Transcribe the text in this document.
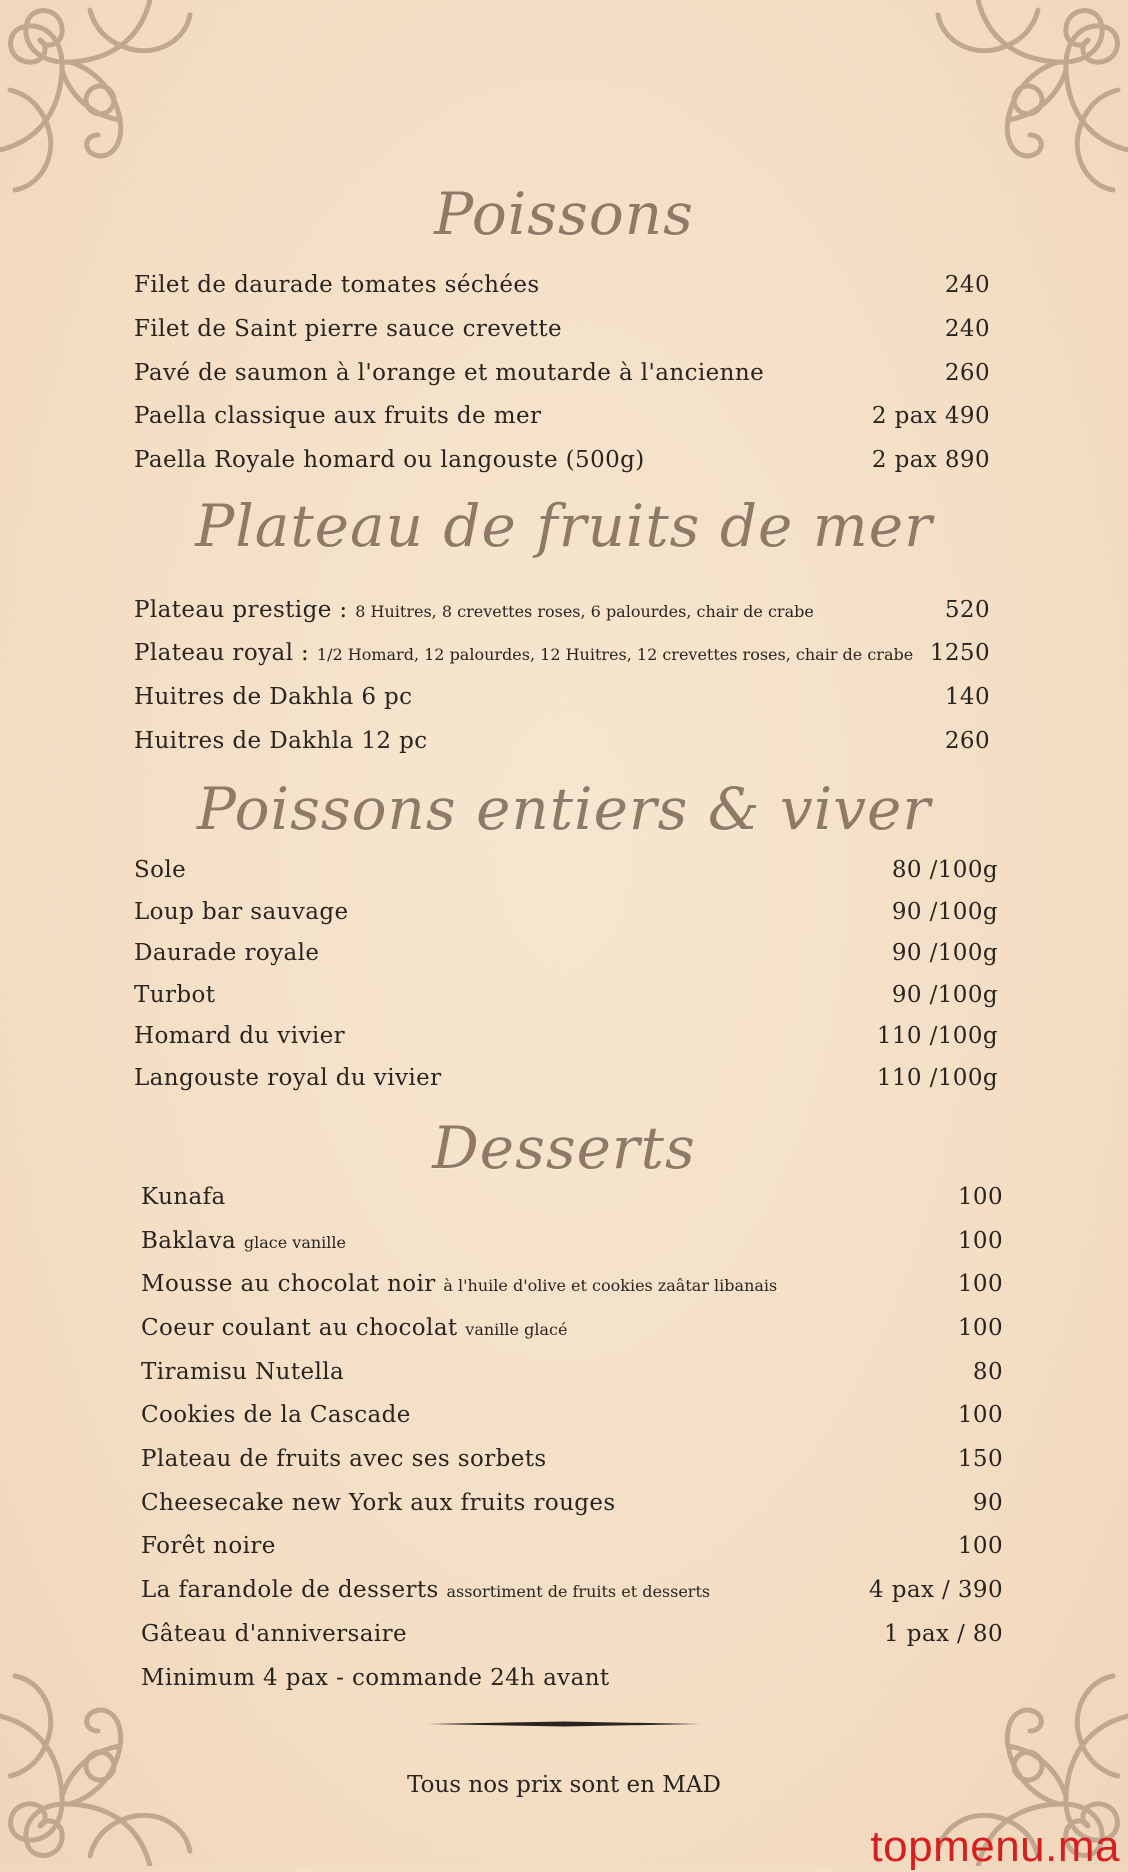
Poissons
Filet de daurade tomates séchées	240
Filet de Saint pierre sauce crevette	240
Pavé de saumon à l'orange et moutarde à l'ancienne	260
Paella classique aux fruits de mer	2 pax 490
Paella Royale homard ou langouste (500g)	2 pax 890
Plateau de fruits de mer
Plateau prestige : 8 Huitres, 8 crevettes roses, 6 palourdes, chair de crabe	520
Plateau royal : 1/2 Homard, 12 palourdes, 12 Huitres, 12 crevettes roses, chair de crabe 1250
Huitres de Dakhla 6 pc	140
Huitres de Dakhla 12 pc	260
Poissons entiers & viver
Sole	80 /100g
Loup bar sauvage	90 /100g
Daurade royale	90 /100g
Turbot	90 /100g
Homard du vivier	110 /100g
Langouste royal du vivier	110 /100g
Desserts
Kunafa	100
Baklava glace vanille	100
Mousse au chocolat noir à l'huile d'olive et cookies zaâtar libanais	100
Coeur coulant au chocolat vanille glacé	100
Tiramisu Nutella	80
Cookies de la Cascade	100
Plateau de fruits avec ses sorbets	150
Cheesecake new York aux fruits rouges	90
Forêt noire	100
La farandole de desserts assortiment de fruits et desserts	4 pax / 390
Gâteau d'anniversaire	1 pax / 80
Minimum 4 pax - commande 24h avant
Tous nos prix sont en MAD
topmenu.ma
